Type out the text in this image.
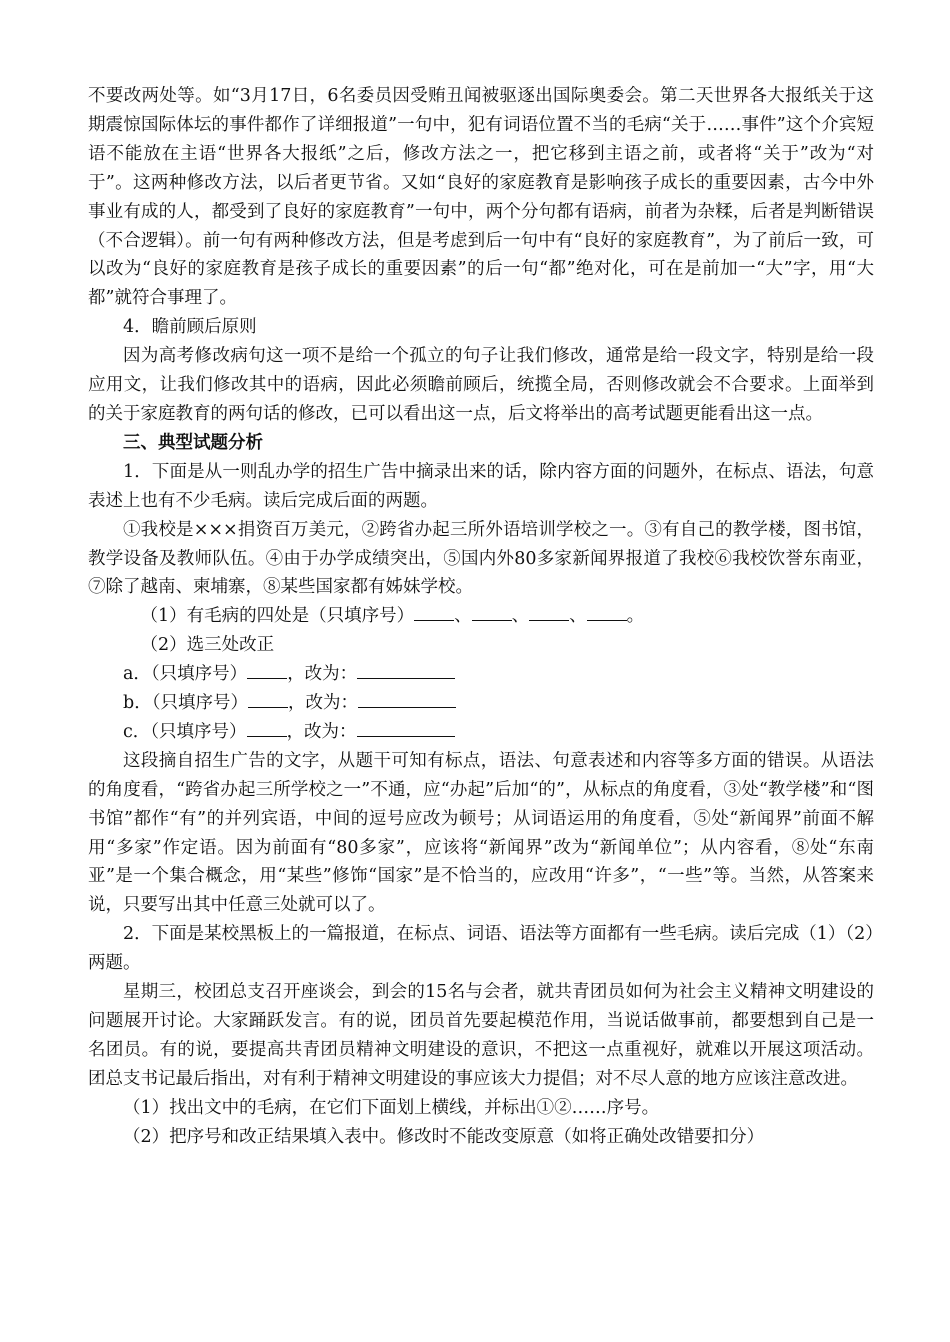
不要改两处等。如“3月17日，6名委员因受贿丑闻被驱逐出国际奥委会。第二天世界各大报纸关于这期震惊国际体坛的事件都作了详细报道”一句中，犯有词语位置不当的毛病“关于……事件”这个介宾短语不能放在主语“世界各大报纸”之后，修改方法之一，把它移到主语之前，或者将“关于”改为“对于”。这两种修改方法，以后者更节省。又如“良好的家庭教育是影响孩子成长的重要因素，古今中外事业有成的人，都受到了良好的家庭教育”一句中，两个分句都有语病，前者为杂糅，后者是判断错误（不合逻辑）。前一句有两种修改方法，但是考虑到后一句中有“良好的家庭教育”，为了前后一致，可以改为“良好的家庭教育是孩子成长的重要因素”的后一句“都”绝对化，可在是前加一“大”字，用“大都”就符合事理了。

4．瞻前顾后原则

因为高考修改病句这一项不是给一个孤立的句子让我们修改，通常是给一段文字，特别是给一段应用文，让我们修改其中的语病，因此必须瞻前顾后，统揽全局，否则修改就会不合要求。上面举到的关于家庭教育的两句话的修改，已可以看出这一点，后文将举出的高考试题更能看出这一点。

三、典型试题分析

1．下面是从一则乱办学的招生广告中摘录出来的话，除内容方面的问题外，在标点、语法，句意表述上也有不少毛病。读后完成后面的两题。

①我校是×××捐资百万美元，②跨省办起三所外语培训学校之一。③有自己的教学楼，图书馆，教学设备及教师队伍。④由于办学成绩突出，⑤国内外80多家新闻界报道了我校⑥我校饮誉东南亚，⑦除了越南、柬埔寨，⑧某些国家都有姊妹学校。

（1）有毛病的四处是（只填序号） 、 、 、 。

（2）选三处改正

a．（只填序号） ，改为：

b．（只填序号） ，改为：

c．（只填序号） ，改为：

这段摘自招生广告的文字，从题干可知有标点，语法、句意表述和内容等多方面的错误。从语法的角度看，“跨省办起三所学校之一”不通，应“办起”后加“的”，从标点的角度看，③处“教学楼”和“图书馆”都作“有”的并列宾语，中间的逗号应改为顿号；从词语运用的角度看，⑤处“新闻界”前面不解用“多家”作定语。因为前面有“80多家”，应该将“新闻界”改为“新闻单位”；从内容看，⑧处“东南亚”是一个集合概念，用“某些”修饰“国家”是不恰当的，应改用“许多”，“一些”等。当然，从答案来说，只要写出其中任意三处就可以了。

2．下面是某校黑板上的一篇报道，在标点、词语、语法等方面都有一些毛病。读后完成（1）（2）两题。

星期三，校团总支召开座谈会，到会的15名与会者，就共青团员如何为社会主义精神文明建设的问题展开讨论。大家踊跃发言。有的说，团员首先要起模范作用，当说话做事前，都要想到自己是一名团员。有的说，要提高共青团员精神文明建设的意识，不把这一点重视好，就难以开展这项活动。团总支书记最后指出，对有利于精神文明建设的事应该大力提倡；对不尽人意的地方应该注意改进。

（1）找出文中的毛病，在它们下面划上横线，并标出①②……序号。

（2）把序号和改正结果填入表中。修改时不能改变原意（如将正确处改错要扣分）
